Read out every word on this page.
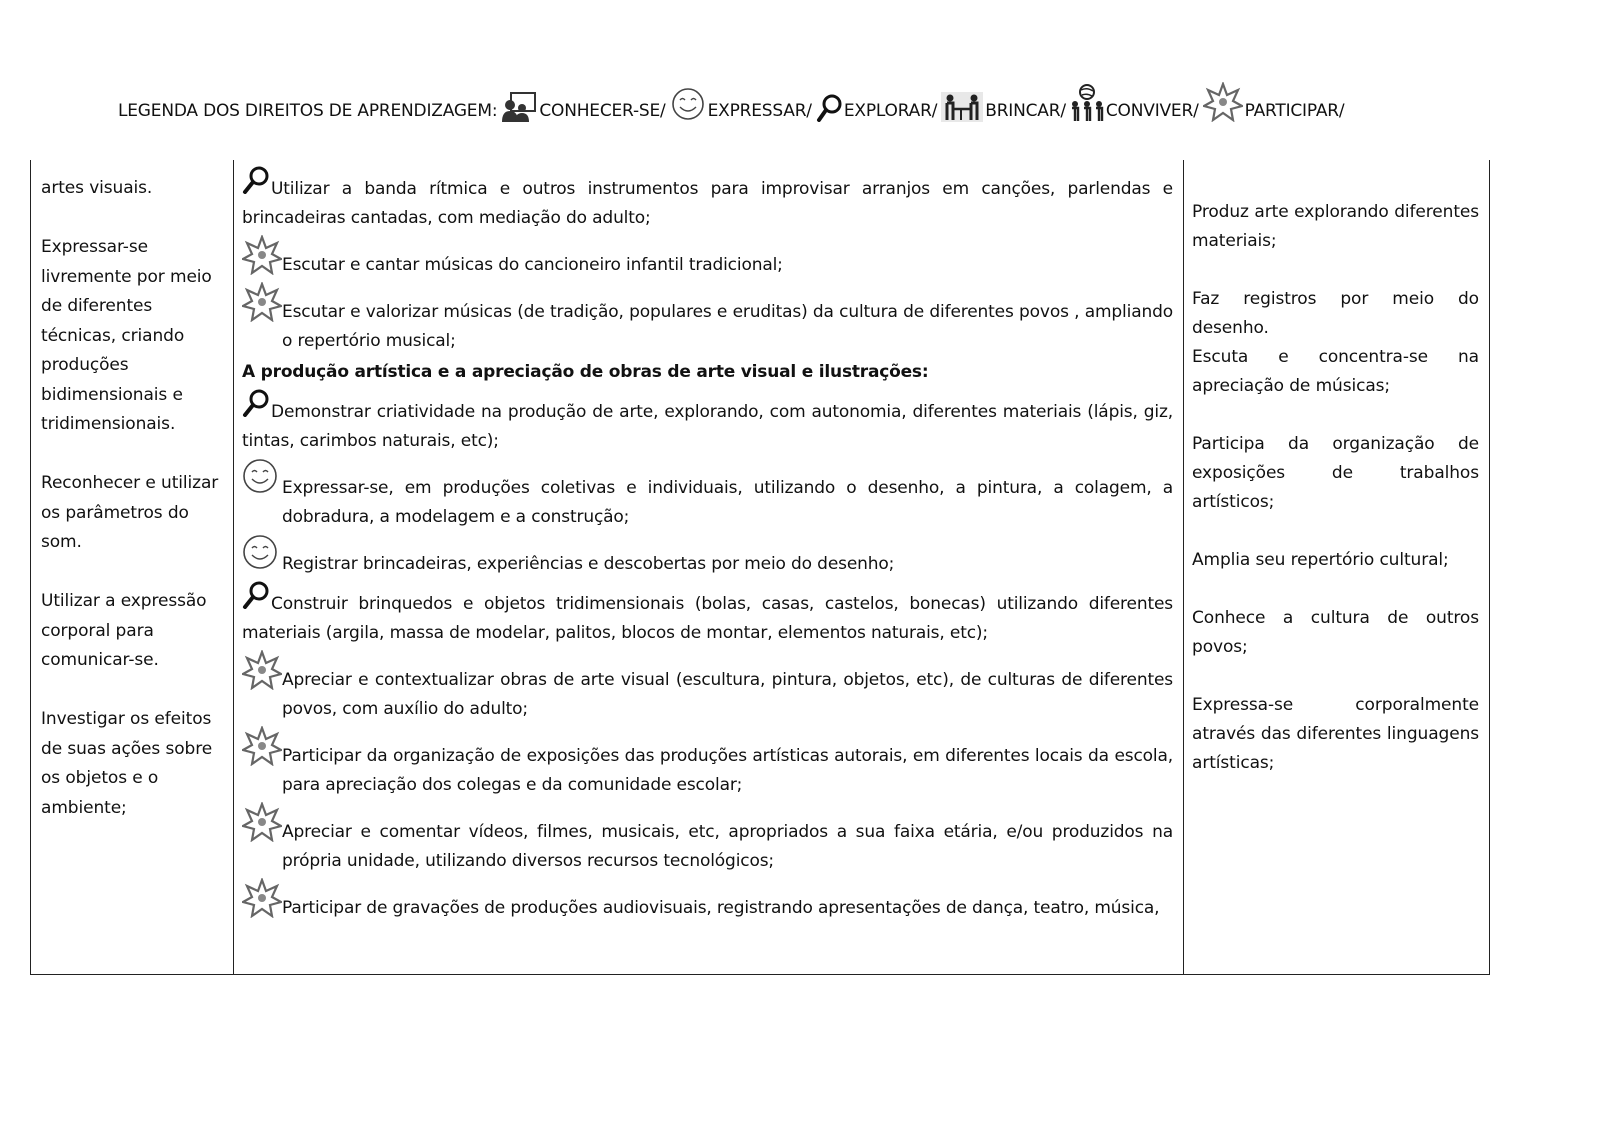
LEGENDA DOS DIREITOS DE APRENDIZAGEM: CONHECER-SE/ EXPRESSAR/ EXPLORAR/	BRINCAR/ CONVIVER/	PARTICIPAR/

artes visuais.

Expressar-se livremente por meio de diferentes técnicas, criando produções bidimensionais e tridimensionais.

Reconhecer e utilizar os parâmetros do som.

Utilizar a expressão corporal para comunicar-se.

Investigar os efeitos de suas ações sobre os objetos e o ambiente;

Utilizar a banda rítmica e outros instrumentos para improvisar arranjos em canções, parlendas e brincadeiras cantadas, com mediação do adulto;
Escutar e cantar músicas do cancioneiro infantil tradicional;
Escutar e valorizar músicas (de tradição, populares e eruditas) da cultura de diferentes povos , ampliando o repertório musical;
A produção artística e a apreciação de obras de arte visual e ilustrações:
Demonstrar criatividade na produção de arte, explorando, com autonomia, diferentes materiais (lápis, giz, tintas, carimbos naturais, etc);
Expressar-se, em produções coletivas e individuais, utilizando o desenho, a pintura, a colagem, a dobradura, a modelagem e a construção;
Registrar brincadeiras, experiências e descobertas por meio do desenho;
Construir brinquedos e objetos tridimensionais (bolas, casas, castelos, bonecas) utilizando diferentes materiais (argila, massa de modelar, palitos, blocos de montar, elementos naturais, etc);
Apreciar e contextualizar obras de arte visual (escultura, pintura, objetos, etc), de culturas de diferentes povos, com auxílio do adulto;
Participar da organização de exposições das produções artísticas autorais, em diferentes locais da escola, para apreciação dos colegas e da comunidade escolar;
Apreciar e comentar vídeos, filmes, musicais, etc, apropriados a sua faixa etária, e/ou produzidos na própria unidade, utilizando diversos recursos tecnológicos;
Participar de gravações de produções audiovisuais, registrando apresentações de dança, teatro, música,

Produz arte explorando diferentes materiais;

Faz registros por meio do desenho.

Escuta e concentra-se na apreciação de músicas;

Participa da organização de exposições de trabalhos artísticos;

Amplia seu repertório cultural;

Conhece a cultura de outros povos;

Expressa-se corporalmente através das diferentes linguagens artísticas;
